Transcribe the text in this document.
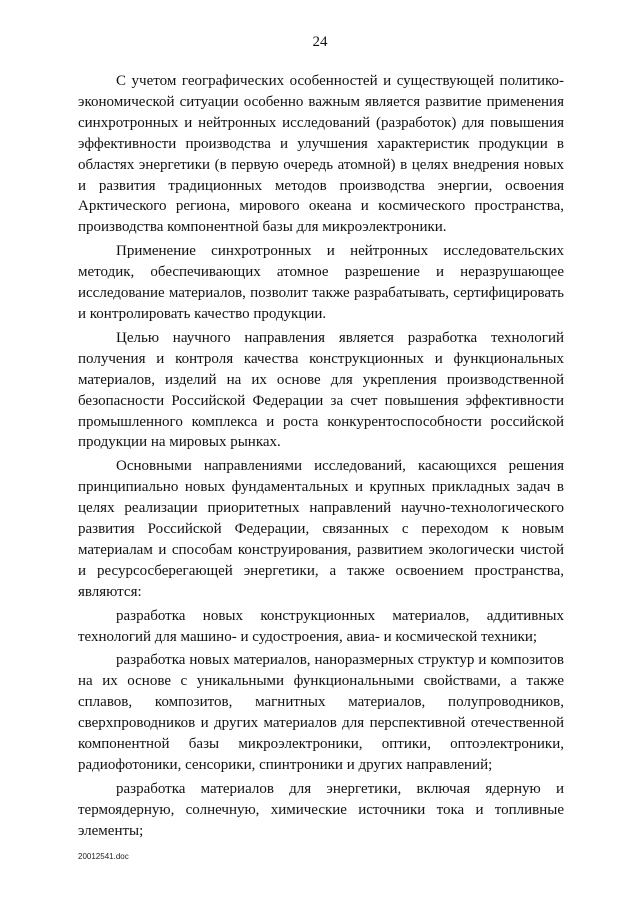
24

С учетом географических особенностей и существующей политико-экономической ситуации особенно важным является развитие применения синхротронных и нейтронных исследований (разработок) для повышения эффективности производства и улучшения характеристик продукции в областях энергетики (в первую очередь атомной) в целях внедрения новых и развития традиционных методов производства энергии, освоения Арктического региона, мирового океана и космического пространства, производства компонентной базы для микроэлектроники.

Применение синхротронных и нейтронных исследовательских методик, обеспечивающих атомное разрешение и неразрушающее исследование материалов, позволит также разрабатывать, сертифицировать и контролировать качество продукции.

Целью научного направления является разработка технологий получения и контроля качества конструкционных и функциональных материалов, изделий на их основе для укрепления производственной безопасности Российской Федерации за счет повышения эффективности промышленного комплекса и роста конкурентоспособности российской продукции на мировых рынках.

Основными направлениями исследований, касающихся решения принципиально новых фундаментальных и крупных прикладных задач в целях реализации приоритетных направлений научно-технологического развития Российской Федерации, связанных с переходом к новым материалам и способам конструирования, развитием экологически чистой и ресурсосберегающей энергетики, а также освоением пространства, являются:

разработка новых конструкционных материалов, аддитивных технологий для машино- и судостроения, авиа- и космической техники;

разработка новых материалов, наноразмерных структур и композитов на их основе с уникальными функциональными свойствами, а также сплавов, композитов, магнитных материалов, полупроводников, сверхпроводников и других материалов для перспективной отечественной компонентной базы микроэлектроники, оптики, оптоэлектроники, радиофотоники, сенсорики, спинтроники и других направлений;

разработка материалов для энергетики, включая ядерную и термоядерную, солнечную, химические источники тока и топливные элементы;

20012541.doc
